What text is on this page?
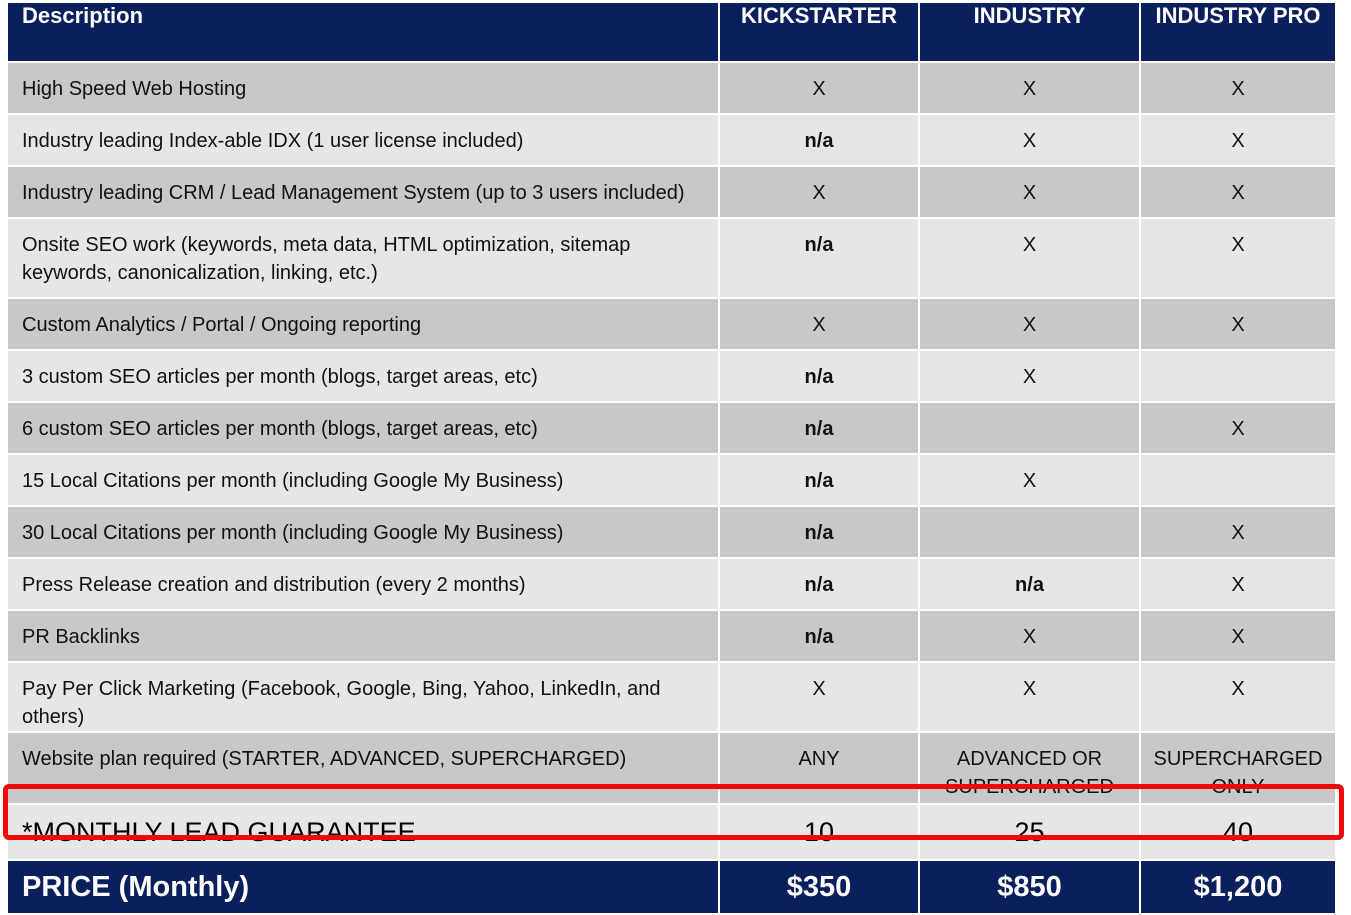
Description	KICKSTARTER	INDUSTRY	INDUSTRY PRO
High Speed Web Hosting	X	X	X
Industry leading Index-able IDX (1 user license included)	n/a	X	X
Industry leading CRM / Lead Management System (up to 3 users included)	X	X	X
Onsite SEO work (keywords, meta data, HTML optimization, sitemap keywords, canonicalization, linking, etc.)	n/a	X	X
Custom Analytics / Portal / Ongoing reporting	X	X	X
3 custom SEO articles per month (blogs, target areas, etc)	n/a	X	
6 custom SEO articles per month (blogs, target areas, etc)	n/a		X
15 Local Citations per month (including Google My Business)	n/a	X	
30 Local Citations per month (including Google My Business)	n/a		X
Press Release creation and distribution (every 2 months)	n/a	n/a	X
PR Backlinks	n/a	X	X
Pay Per Click Marketing (Facebook, Google, Bing, Yahoo, LinkedIn, and others)	X	X	X
Website plan required (STARTER, ADVANCED, SUPERCHARGED)	ANY	ADVANCED OR SUPERCHARGED	SUPERCHARGED ONLY
*MONTHLY LEAD GUARANTEE	10	25	40
PRICE (Monthly)	$350	$850	$1,200
